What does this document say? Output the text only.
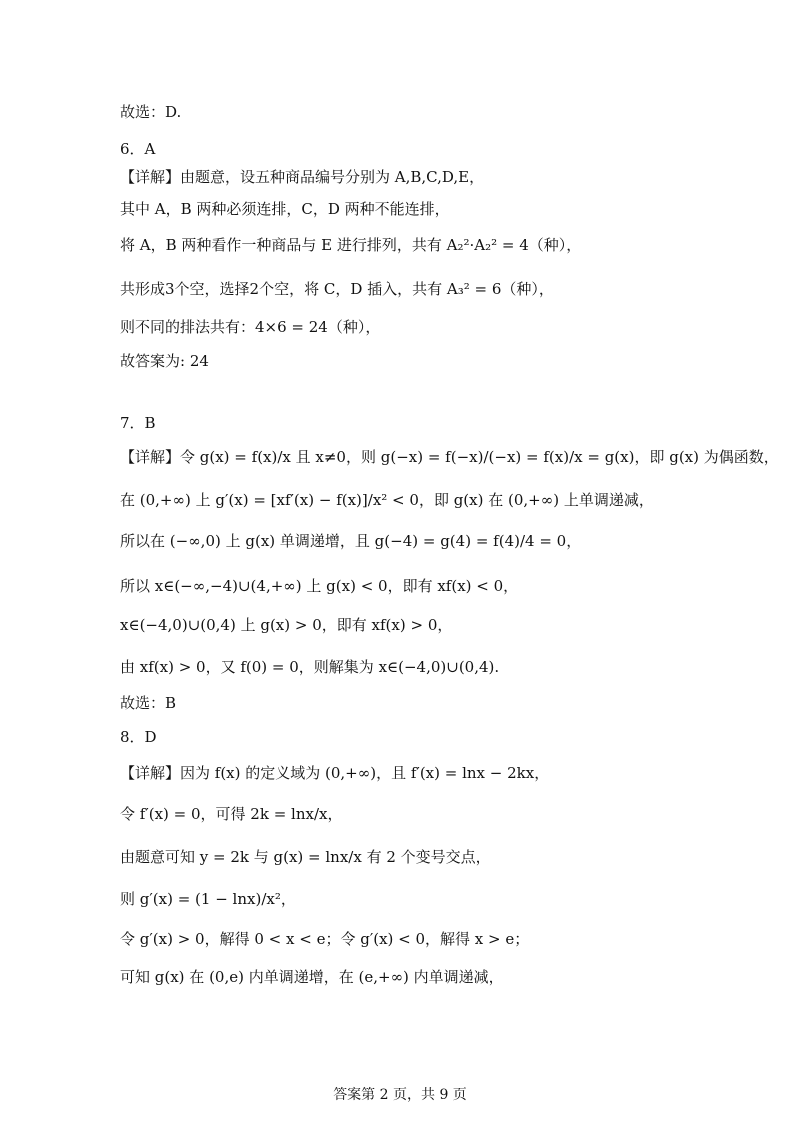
故选：D.
6．A
【详解】由题意，设五种商品编号分别为 A,B,C,D,E，
其中 A，B 两种必须连排，C，D 两种不能连排，
将 A，B 两种看作一种商品与 E 进行排列，共有 A₂²·A₂² = 4（种），
共形成3个空，选择2个空，将 C，D 插入，共有 A₃² = 6（种），
则不同的排法共有：4×6 = 24（种），
故答案为: 24
7．B
【详解】令 g(x) = f(x)/x 且 x≠0，则 g(−x) = f(−x)/(−x) = f(x)/x = g(x)，即 g(x) 为偶函数，
在 (0,+∞) 上 g′(x) = [xf′(x) − f(x)]/x² < 0，即 g(x) 在 (0,+∞) 上单调递减，
所以在 (−∞,0) 上 g(x) 单调递增，且 g(−4) = g(4) = f(4)/4 = 0，
所以 x∈(−∞,−4)∪(4,+∞) 上 g(x) < 0，即有 xf(x) < 0，
x∈(−4,0)∪(0,4) 上 g(x) > 0，即有 xf(x) > 0，
由 xf(x) > 0，又 f(0) = 0，则解集为 x∈(−4,0)∪(0,4).
故选：B
8．D
【详解】因为 f(x) 的定义域为 (0,+∞)，且 f′(x) = lnx − 2kx，
令 f′(x) = 0，可得 2k = lnx/x，
由题意可知 y = 2k 与 g(x) = lnx/x 有 2 个变号交点，
则 g′(x) = (1 − lnx)/x²，
令 g′(x) > 0，解得 0 < x < e；令 g′(x) < 0，解得 x > e；
可知 g(x) 在 (0,e) 内单调递增，在 (e,+∞) 内单调递减，
答案第 2 页，共 9 页
